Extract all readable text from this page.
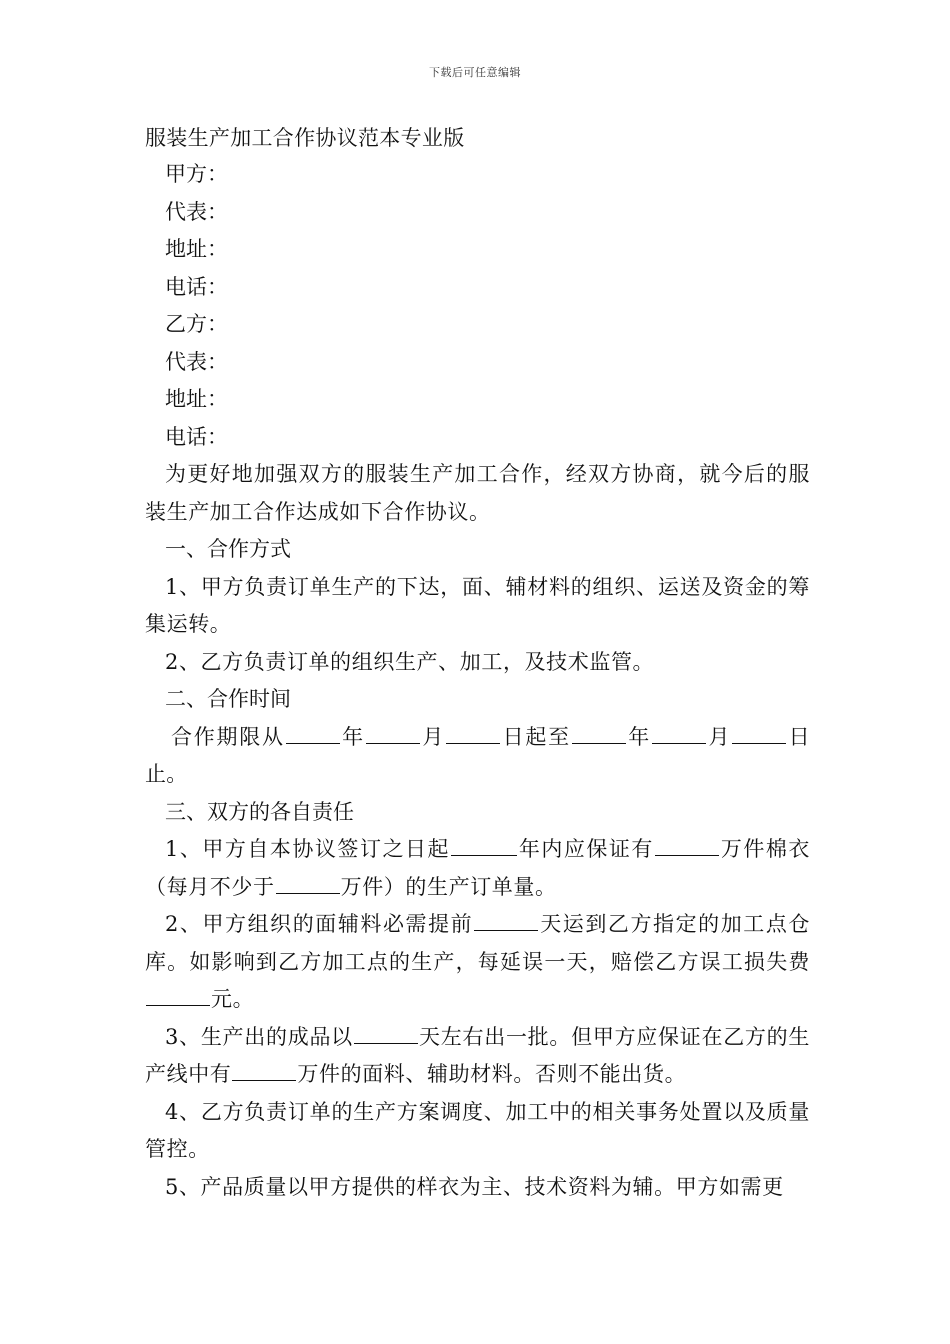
下载后可任意编辑

服装生产加工合作协议范本专业版

甲方：

代表：

地址：

电话：

乙方：

代表：

地址：

电话：

为更好地加强双方的服装生产加工合作，经双方协商，就今后的服装生产加工合作达成如下合作协议。

一、合作方式

1、甲方负责订单生产的下达，面、辅材料的组织、运送及资金的筹集运转。

2、乙方负责订单的组织生产、加工，及技术监管。

二、合作时间

合作期限从	年	月	日起至	年	月	日止。

三、双方的各自责任

1、甲方自本协议签订之日起	年内应保证有	万件棉衣（每月不少于	万件）的生产订单量。

2、甲方组织的面辅料必需提前	天运到乙方指定的加工点仓库。如影响到乙方加工点的生产，每延误一天，赔偿乙方误工损失费元。

3、生产出的成品以	天左右出一批。但甲方应保证在乙方的生产线中有	万件的面料、辅助材料。否则不能出货。

4、乙方负责订单的生产方案调度、加工中的相关事务处置以及质量管控。

5、产品质量以甲方提供的样衣为主、技术资料为辅。甲方如需更
